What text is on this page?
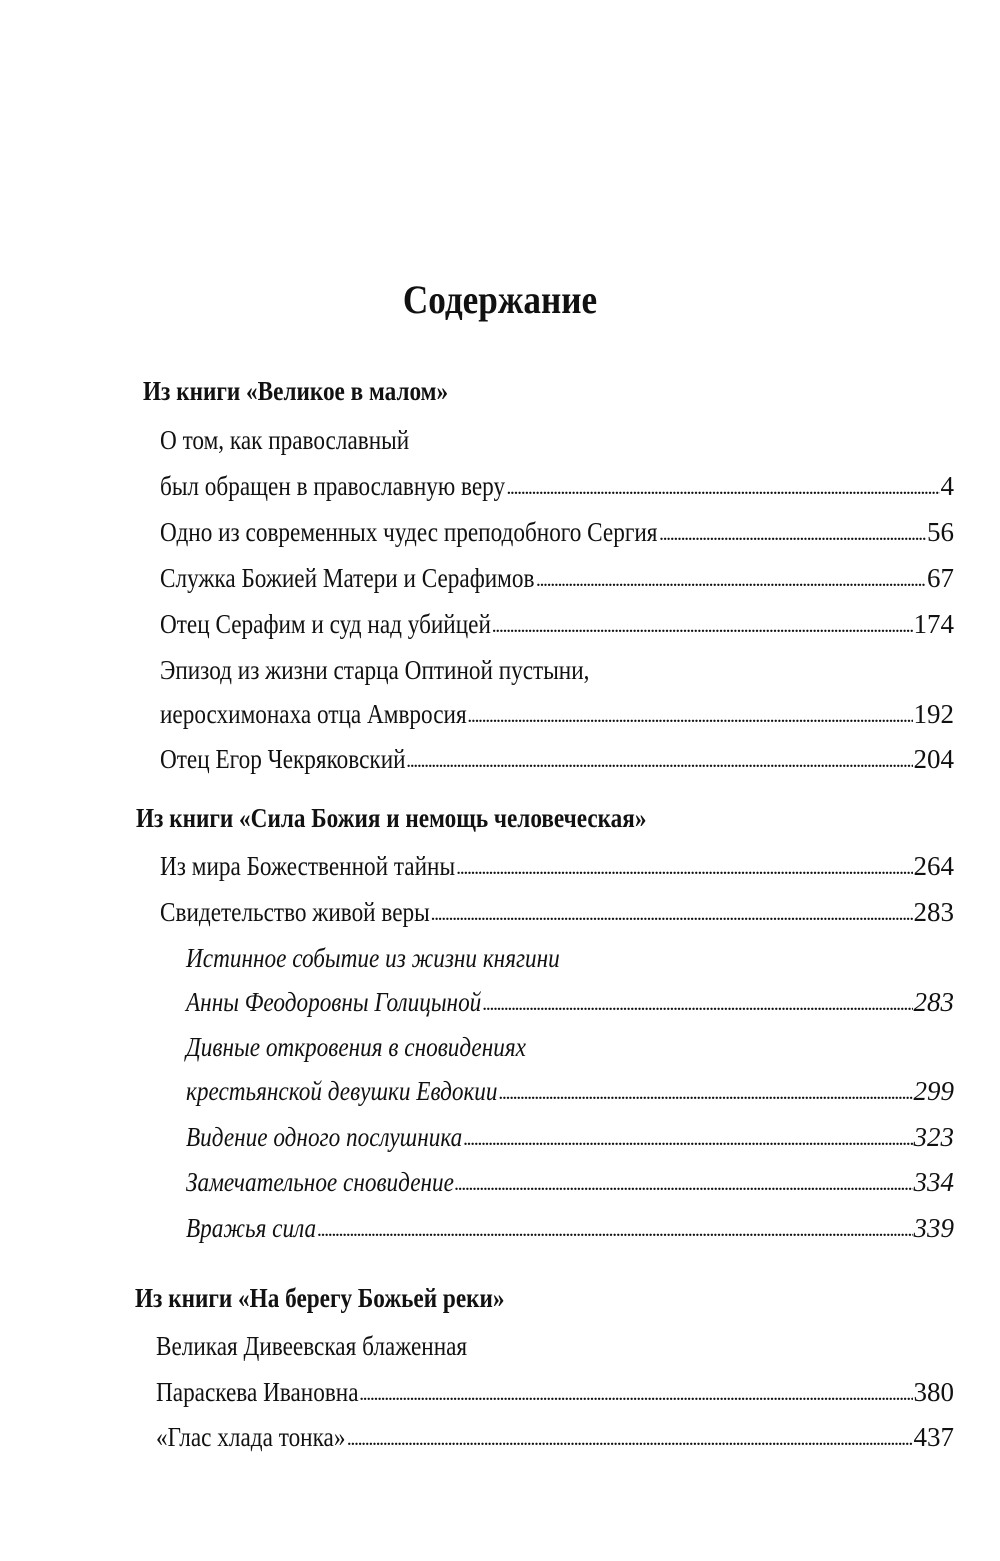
Содержание
Из книги «Великое в малом»
О том, как православный
был обращен в православную веру . . .	4
Одно из современных чудес преподобного Сергия . . .	56
Служка Божией Матери и Серафимов . . .	67
Отец Серафим и суд над убийцей . . .	174
Эпизод из жизни старца Оптиной пустыни,
иеросхимонаха отца Амвросия . . .	192
Отец Егор Чекряковский . . .	204
Из книги «Сила Божия и немощь человеческая»
Из мира Божественной тайны . . .	264
Свидетельство живой веры . . .	283
Истинное событие из жизни княгини
Анны Феодоровны Голицыной . . .	283
Дивные откровения в сновидениях
крестьянской девушки Евдокии . . .	299
Видение одного послушника . . .	323
Замечательное сновидение . . .	334
Вражья сила . . .	339
Из книги «На берегу Божьей реки»
Великая Дивеевская блаженная
Параскева Ивановна . . .	380
«Глас хлада тонка» . . .	437
